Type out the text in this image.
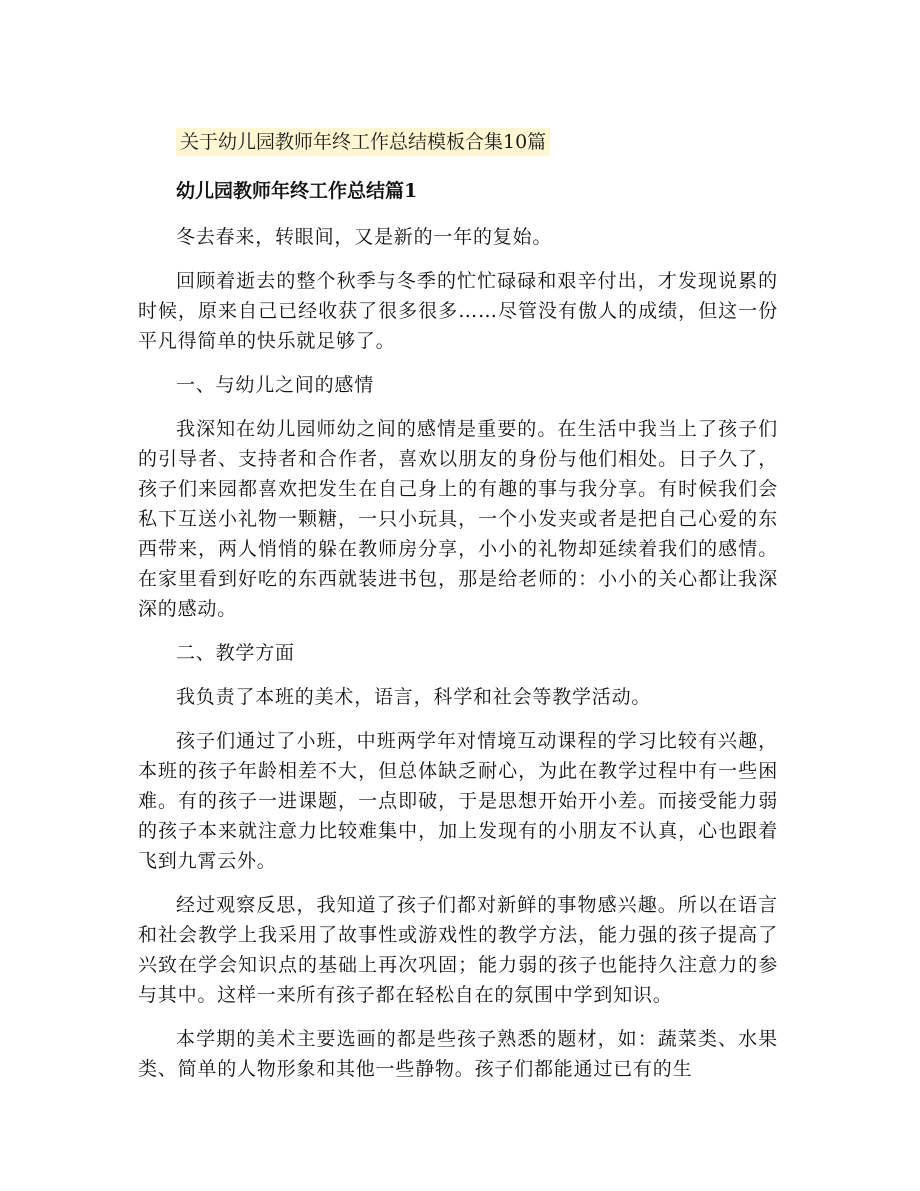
关于幼儿园教师年终工作总结模板合集10篇
幼儿园教师年终工作总结篇1

冬去春来，转眼间，又是新的一年的复始。

回顾着逝去的整个秋季与冬季的忙忙碌碌和艰辛付出，才发现说累的时候，原来自己已经收获了很多很多……尽管没有傲人的成绩，但这一份平凡得简单的快乐就足够了。

一、与幼儿之间的感情

我深知在幼儿园师幼之间的感情是重要的。在生活中我当上了孩子们的引导者、支持者和合作者，喜欢以朋友的身份与他们相处。日子久了，孩子们来园都喜欢把发生在自己身上的有趣的事与我分享。有时候我们会私下互送小礼物一颗糖，一只小玩具，一个小发夹或者是把自己心爱的东西带来，两人悄悄的躲在教师房分享，小小的礼物却延续着我们的感情。在家里看到好吃的东西就装进书包，那是给老师的：小小的关心都让我深深的感动。

二、教学方面

我负责了本班的美术，语言，科学和社会等教学活动。

孩子们通过了小班，中班两学年对情境互动课程的学习比较有兴趣，本班的孩子年龄相差不大，但总体缺乏耐心，为此在教学过程中有一些困难。有的孩子一进课题，一点即破，于是思想开始开小差。而接受能力弱的孩子本来就注意力比较难集中，加上发现有的小朋友不认真，心也跟着飞到九霄云外。

经过观察反思，我知道了孩子们都对新鲜的事物感兴趣。所以在语言和社会教学上我采用了故事性或游戏性的教学方法，能力强的孩子提高了兴致在学会知识点的基础上再次巩固；能力弱的孩子也能持久注意力的参与其中。这样一来所有孩子都在轻松自在的氛围中学到知识。

本学期的美术主要选画的都是些孩子熟悉的题材，如：蔬菜类、水果类、简单的人物形象和其他一些静物。孩子们都能通过已有的生
